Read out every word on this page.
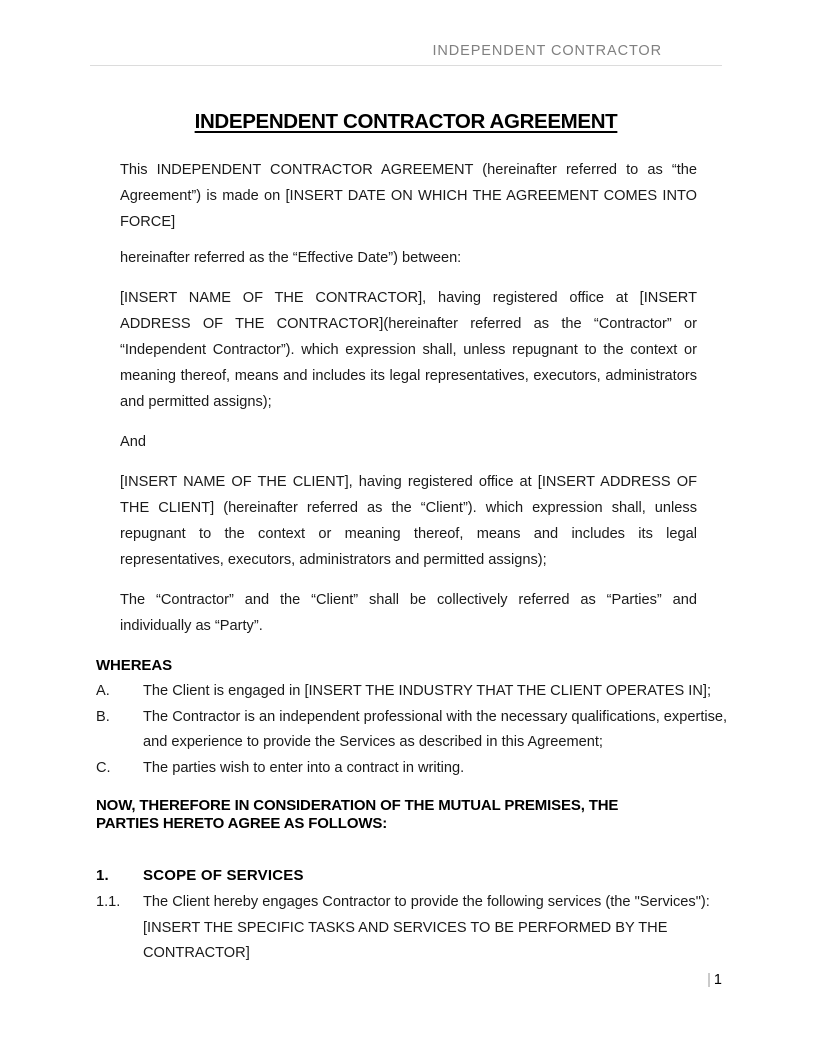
INDEPENDENT CONTRACTOR
INDEPENDENT CONTRACTOR AGREEMENT

This INDEPENDENT CONTRACTOR AGREEMENT (hereinafter referred to as “the Agreement”) is made on [INSERT DATE ON WHICH THE AGREEMENT COMES INTO FORCE]

hereinafter referred as the “Effective Date”) between:

[INSERT NAME OF THE CONTRACTOR], having registered office at [INSERT ADDRESS OF THE CONTRACTOR](hereinafter referred as the “Contractor” or “Independent Contractor”). which expression shall, unless repugnant to the context or meaning thereof, means and includes its legal representatives, executors, administrators and permitted assigns);

And

[INSERT NAME OF THE CLIENT], having registered office at [INSERT ADDRESS OF THE CLIENT] (hereinafter referred as the “Client”). which expression shall, unless repugnant to the context or meaning thereof, means and includes its legal representatives, executors, administrators and permitted assigns);

The “Contractor” and the “Client” shall be collectively referred as “Parties” and individually as “Party”.

WHEREAS
A. The Client is engaged in [INSERT THE INDUSTRY THAT THE CLIENT OPERATES IN];
B. The Contractor is an independent professional with the necessary qualifications, expertise, and experience to provide the Services as described in this Agreement;
C. The parties wish to enter into a contract in writing.
NOW, THEREFORE IN CONSIDERATION OF THE MUTUAL PREMISES, THE
PARTIES HERETO AGREE AS FOLLOWS:
1. SCOPE OF SERVICES
1.1. The Client hereby engages Contractor to provide the following services (the "Services"):[INSERT THE SPECIFIC TASKS AND SERVICES TO BE PERFORMED BY THE CONTRACTOR]
| 1
